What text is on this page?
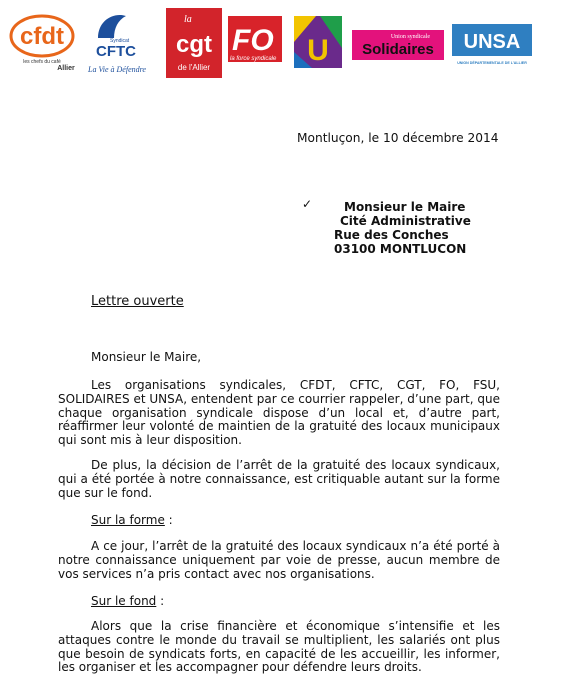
cfdt
les chefs du café
Allier
Syndicat
CFTC
La Vie à Défendre
la
cgt
de l'Allier
FO
la force syndicale U	Union syndicale
Solidaires UNSA
UNION DÉPARTEMENTALE DE L'ALLIER
Montluçon, le 10 décembre 2014
✓	Monsieur le Maire
Cité Administrative
Rue des Conches
03100 MONTLUCON
Lettre ouverte
Monsieur le Maire,
Les organisations syndicales, CFDT, CFTC, CGT, FO, FSU, SOLIDAIRES et UNSA, entendent par ce courrier rappeler, d’une part, que chaque organisation syndicale dispose d’un local et, d’autre part, réaffirmer leur volonté de maintien de la gratuité des locaux municipaux qui sont mis à leur disposition.
De plus, la décision de l’arrêt de la gratuité des locaux syndicaux, qui a été portée à notre connaissance, est critiquable autant sur la forme que sur le fond.
Sur la forme :
A ce jour, l’arrêt de la gratuité des locaux syndicaux n’a été porté à notre connaissance uniquement par voie de presse, aucun membre de vos services n’a pris contact avec nos organisations.
Sur le fond :
Alors que la crise financière et économique s’intensifie et les attaques contre le monde du travail se multiplient, les salariés ont plus que besoin de syndicats forts, en capacité de les accueillir, les informer, les organiser et les accompagner pour défendre leurs droits.
